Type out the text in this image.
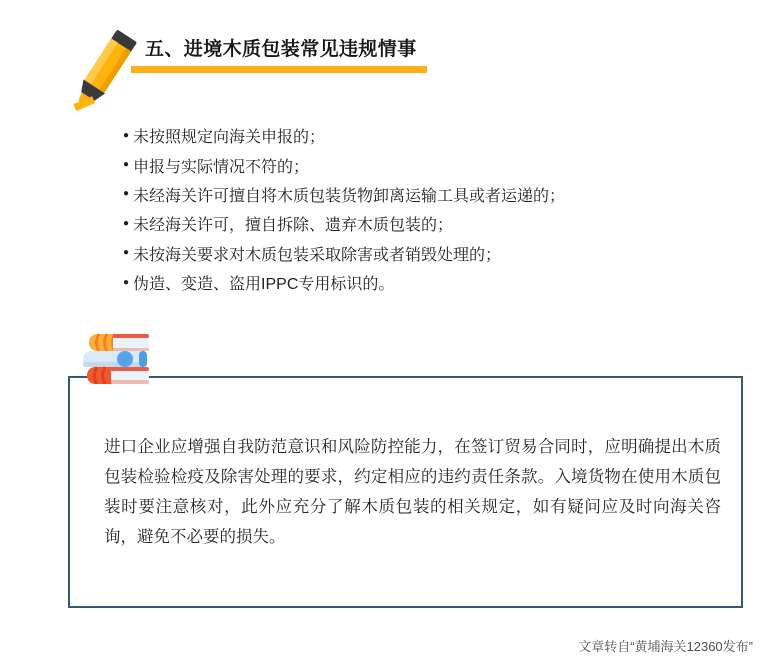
五、进境木质包装常见违规情事
● 未按照规定向海关申报的；
● 申报与实际情况不符的；
● 未经海关许可擅自将木质包装货物卸离运输工具或者运递的；
● 未经海关许可，擅自拆除、遗弃木质包装的；
● 未按海关要求对木质包装采取除害或者销毁处理的；
● 伪造、变造、盗用IPPC专用标识的。

进口企业应增强自我防范意识和风险防控能力，在签订贸易合同时，应明确提出木质包装检验检疫及除害处理的要求，约定相应的违约责任条款。入境货物在使用木质包装时要注意核对，此外应充分了解木质包装的相关规定，如有疑问应及时向海关咨询，避免不必要的损失。

文章转自“黄埔海关12360发布”
